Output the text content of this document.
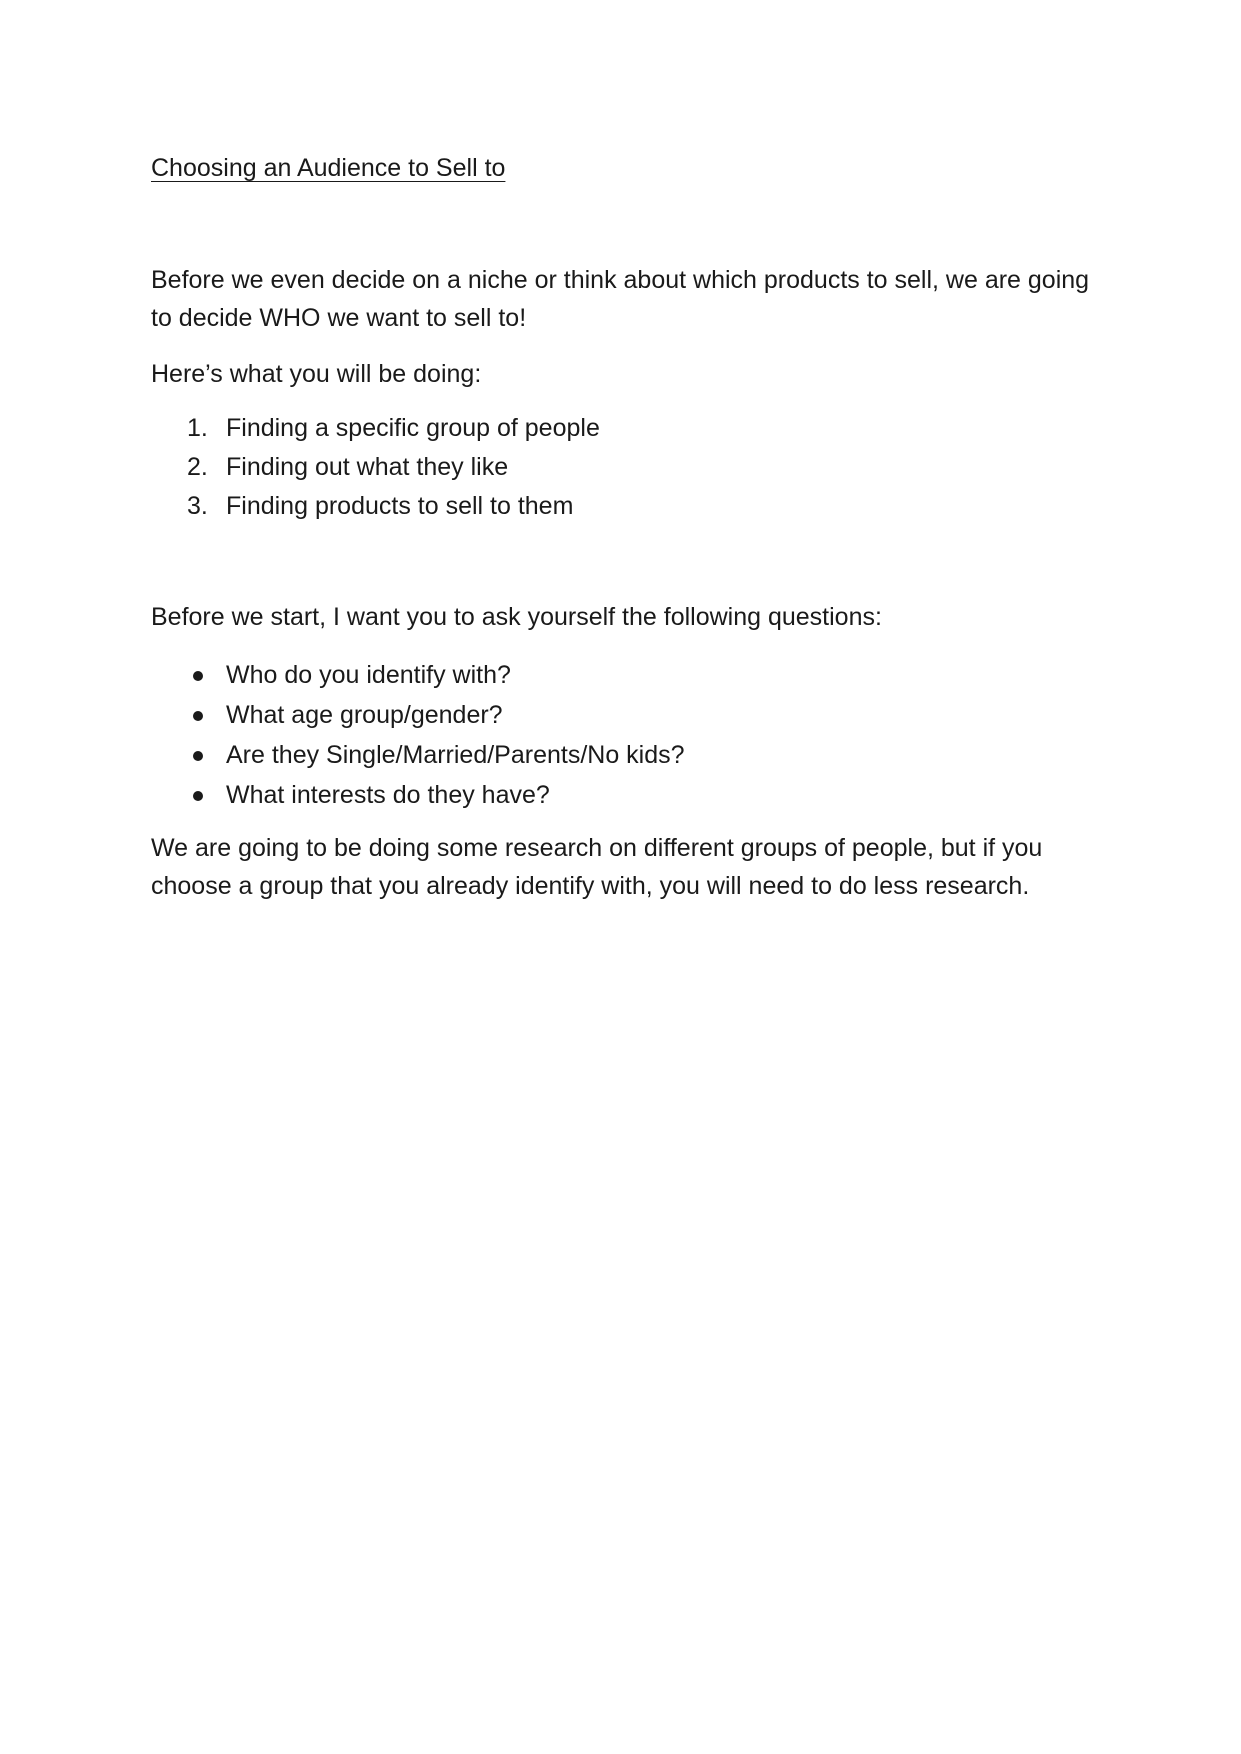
Choosing an Audience to Sell to

Before we even decide on a niche or think about which products to sell, we are going to decide WHO we want to sell to!

Here’s what you will be doing:

1. Finding a specific group of people
2. Finding out what they like
3. Finding products to sell to them

Before we start, I want you to ask yourself the following questions:

Who do you identify with?
What age group/gender?
Are they Single/Married/Parents/No kids?
What interests do they have?

We are going to be doing some research on different groups of people, but if you choose a group that you already identify with, you will need to do less research.
